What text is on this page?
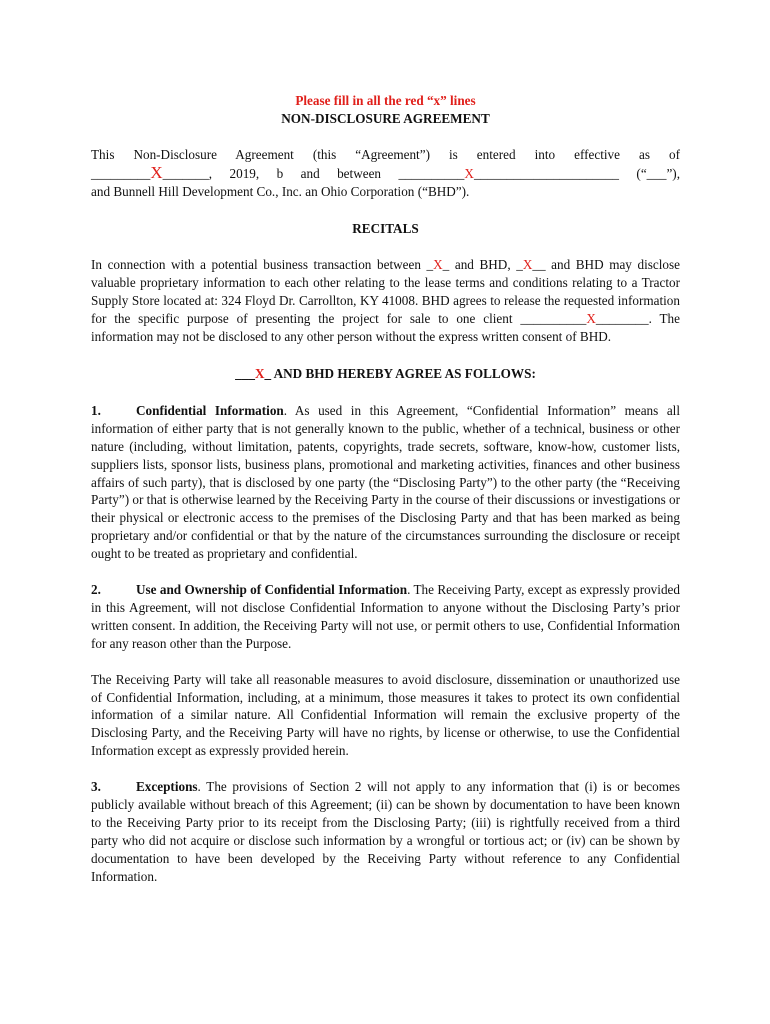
Please fill in all the red “x” lines

NON-DISCLOSURE AGREEMENT

This Non-Disclosure Agreement (this “Agreement”) is entered into effective as of

_________X_______, 2019, b and between __________X______________________ (“___”),

and Bunnell Hill Development Co., Inc. an Ohio Corporation (“BHD”).

RECITALS

In connection with a potential business transaction between _X_ and BHD, _X__ and BHD may disclose valuable proprietary information to each other relating to the lease terms and conditions relating to a Tractor Supply Store located at: 324 Floyd Dr. Carrollton, KY 41008. BHD agrees to release the requested information for the specific purpose of presenting the project for sale to one client __________X________. The information may not be disclosed to any other person without the express written consent of BHD.

___X_ AND BHD HEREBY AGREE AS FOLLOWS:

1.	Confidential Information. As used in this Agreement, “Confidential Information” means all information of either party that is not generally known to the public, whether of a technical, business or other nature (including, without limitation, patents, copyrights, trade secrets, software, know-how, customer lists, suppliers lists, sponsor lists, business plans, promotional and marketing activities, finances and other business affairs of such party), that is disclosed by one party (the “Disclosing Party”) to the other party (the “Receiving Party”) or that is otherwise learned by the Receiving Party in the course of their discussions or investigations or their physical or electronic access to the premises of the Disclosing Party and that has been marked as being proprietary and/or confidential or that by the nature of the circumstances surrounding the disclosure or receipt ought to be treated as proprietary and confidential.

2.	Use and Ownership of Confidential Information. The Receiving Party, except as expressly provided in this Agreement, will not disclose Confidential Information to anyone without the Disclosing Party’s prior written consent. In addition, the Receiving Party will not use, or permit others to use, Confidential Information for any reason other than the Purpose.

The Receiving Party will take all reasonable measures to avoid disclosure, dissemination or unauthorized use of Confidential Information, including, at a minimum, those measures it takes to protect its own confidential information of a similar nature. All Confidential Information will remain the exclusive property of the Disclosing Party, and the Receiving Party will have no rights, by license or otherwise, to use the Confidential Information except as expressly provided herein.

3.	Exceptions. The provisions of Section 2 will not apply to any information that (i) is or becomes publicly available without breach of this Agreement; (ii) can be shown by documentation to have been known to the Receiving Party prior to its receipt from the Disclosing Party; (iii) is rightfully received from a third party who did not acquire or disclose such information by a wrongful or tortious act; or (iv) can be shown by documentation to have been developed by the Receiving Party without reference to any Confidential Information.
